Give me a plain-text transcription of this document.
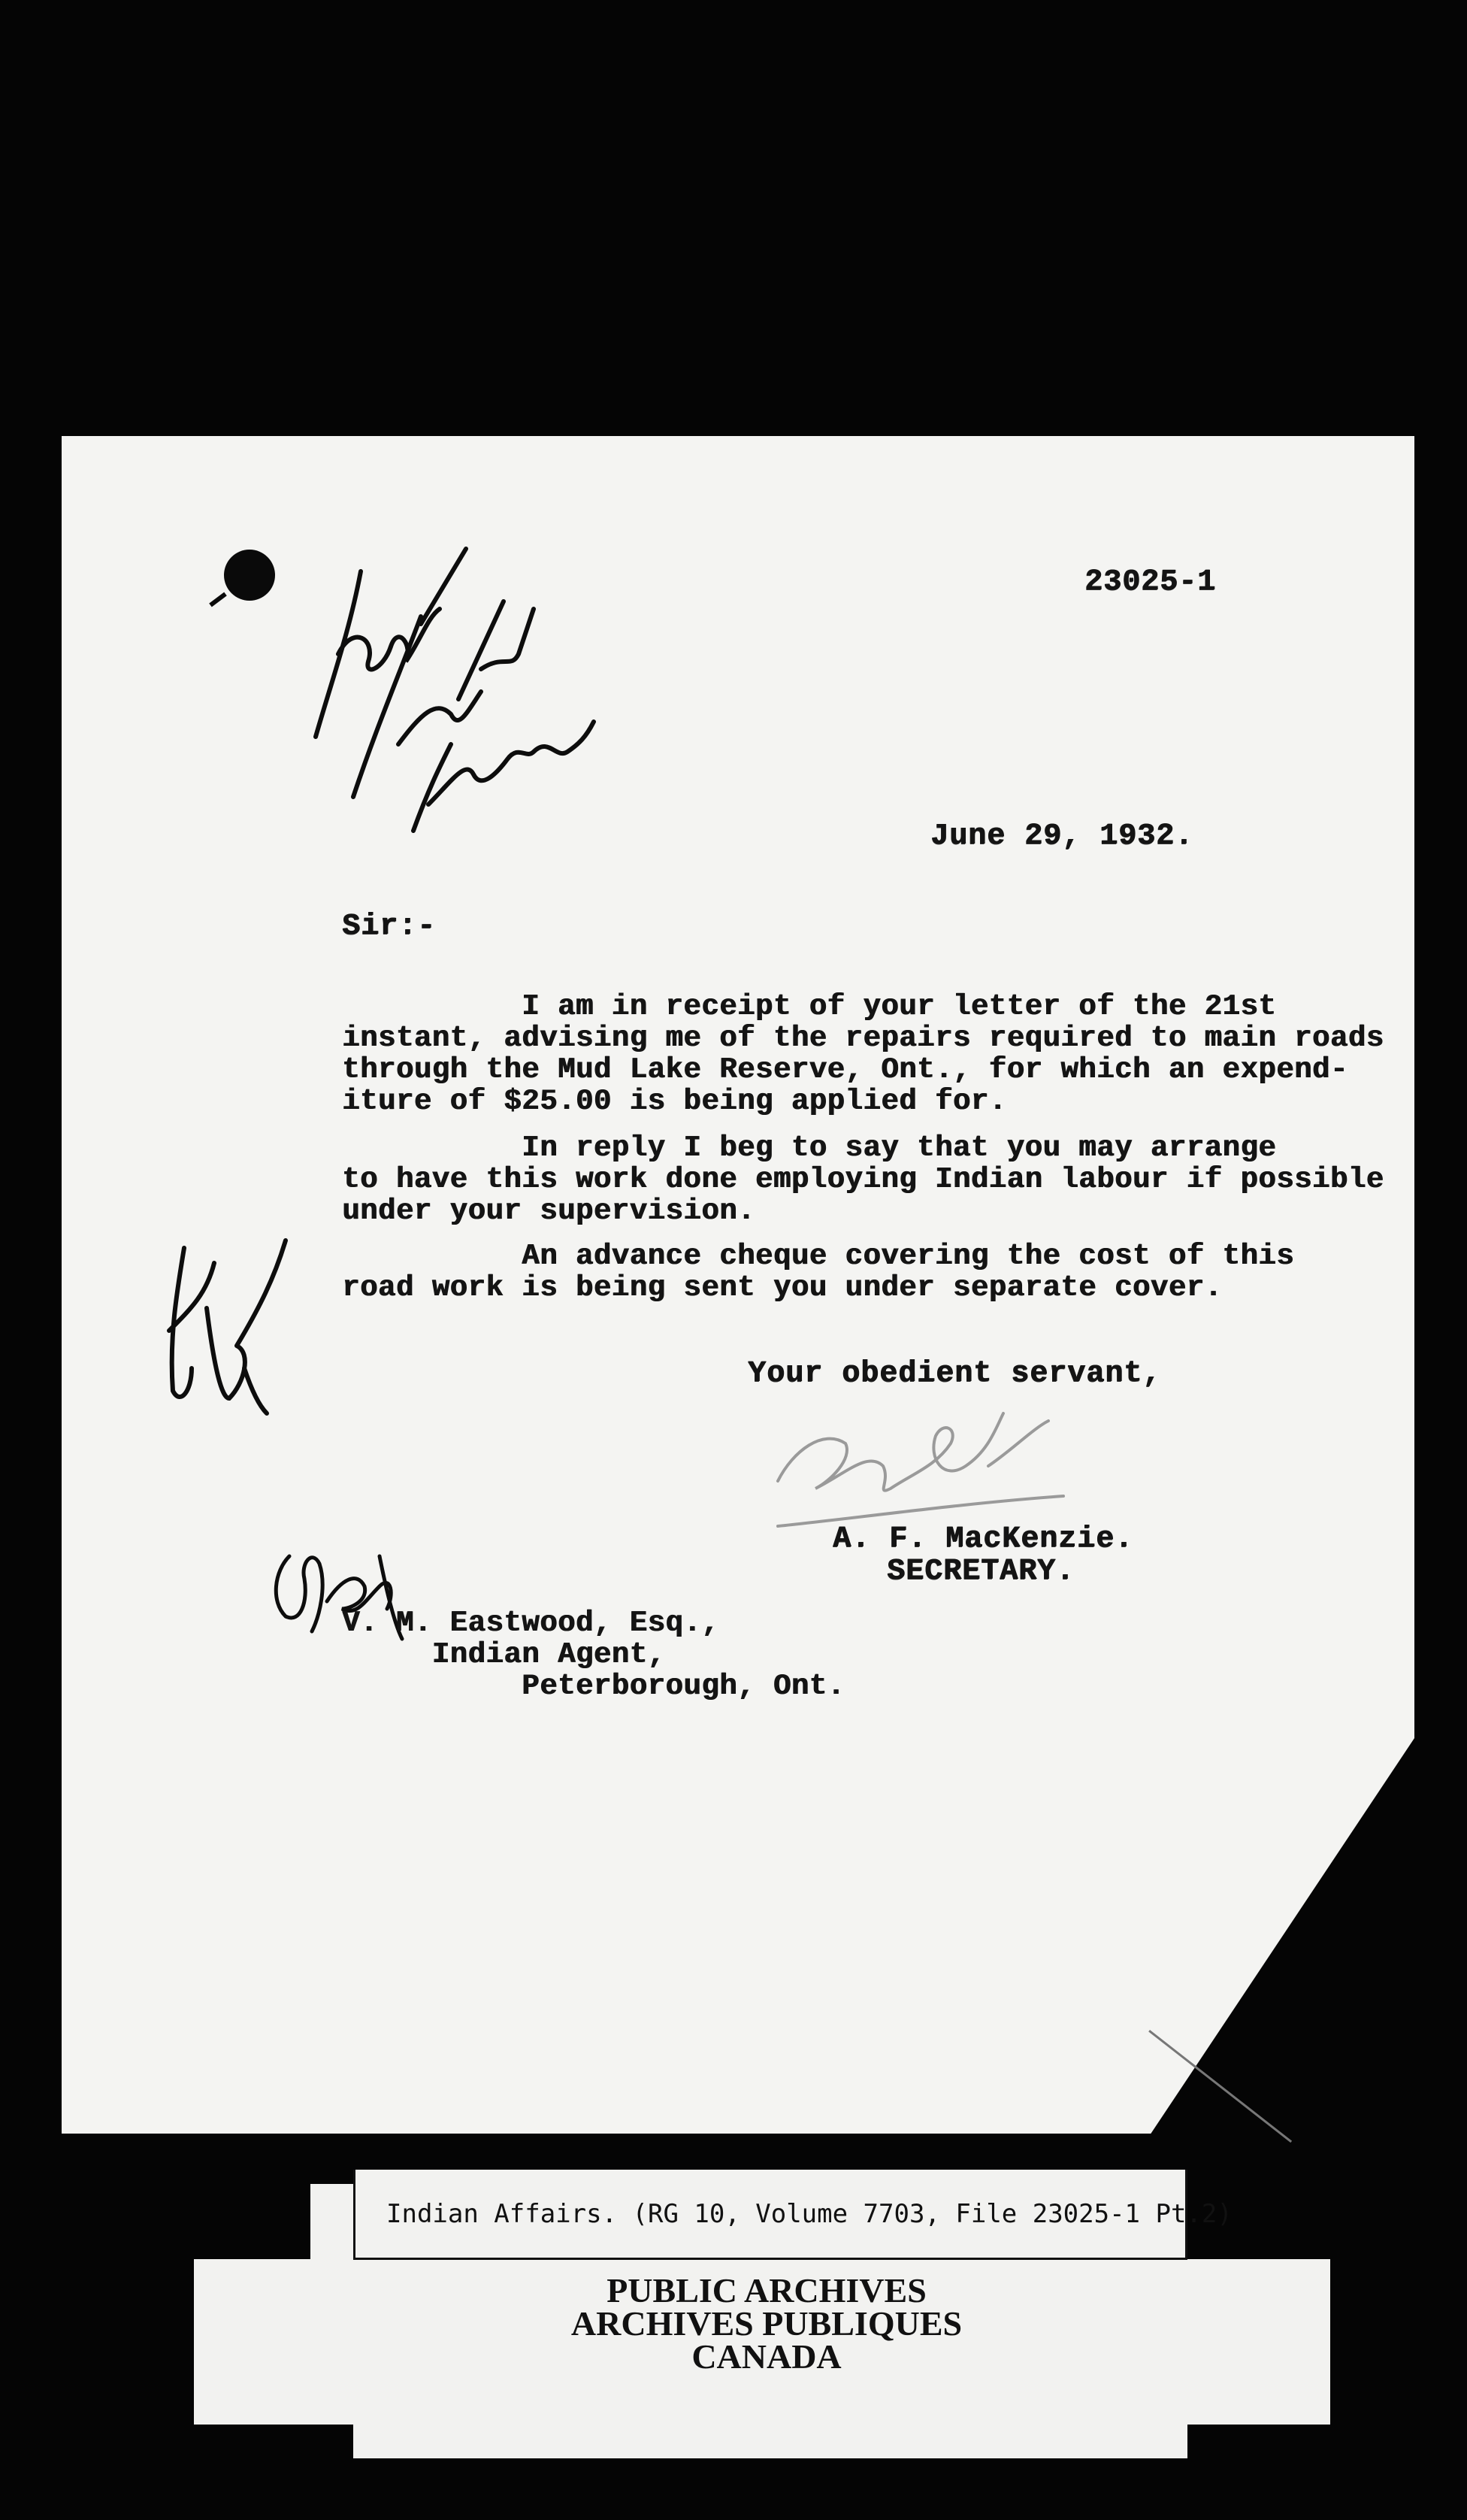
23025-1
June 29, 1932.
Sir:-
I am in receipt of your letter of the 21st
instant, advising me of the repairs required to main roads
through the Mud Lake Reserve, Ont., for which an expend-
iture of $25.00 is being applied for.
In reply I beg to say that you may arrange
to have this work done employing Indian labour if possible
under your supervision.
An advance cheque covering the cost of this
road work is being sent you under separate cover.
Your obedient servant,
A. F. MacKenzie.
SECRETARY.
V. M. Eastwood, Esq.,
Indian Agent,
Peterborough, Ont.
Indian Affairs. (RG 10, Volume 7703, File 23025-1 Pt.2)
PUBLIC ARCHIVES
ARCHIVES PUBLIQUES
CANADA
